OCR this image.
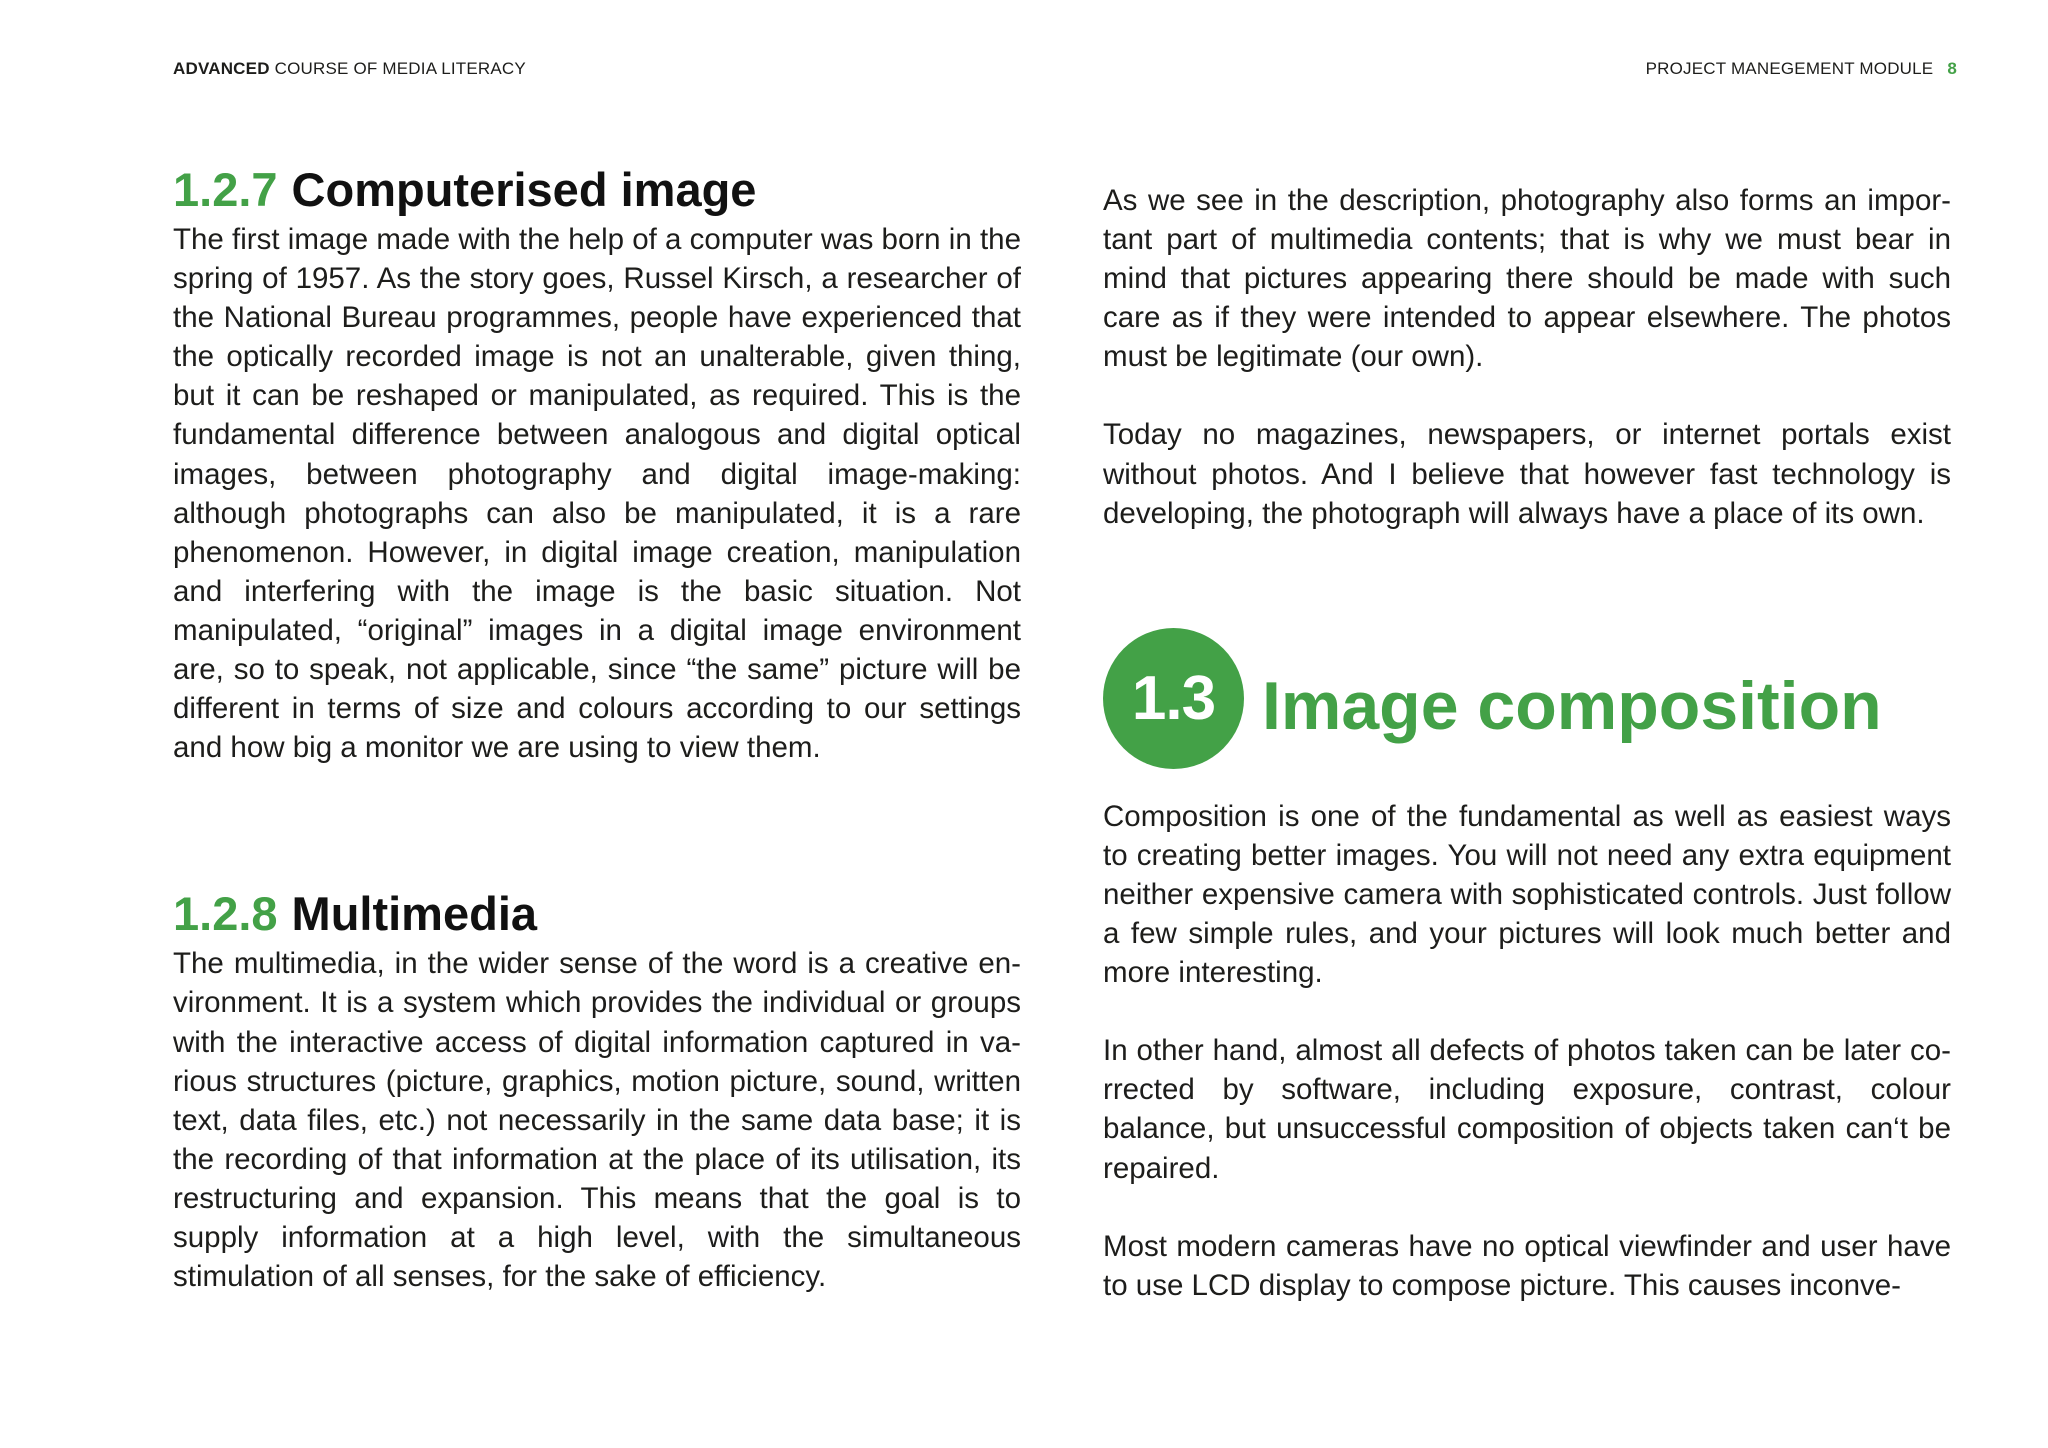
ADVANCED COURSE OF MEDIA LITERACY	PROJECT MANEGEMENT MODULE 8
1.2.7 Computerised image

The first image made with the help of a computer was born in the spring of 1957. As the story goes, Russel Kirsch, a researcher of the National Bureau programmes, people have experienced that the optically recorded image is not an unalterable, given thing, but it can be reshaped or manipulated, as required. This is the fundamental difference between analogous and digital optical images, between photography and digital image-making: although photographs can also be manipulated, it is a rare phenomenon. However, in digital image creation, manipulation and interfering with the image is the basic situation. Not manipulated, “original” images in a digital image environment are, so to speak, not applicable, since “the same” picture will be different in terms of size and colours according to our settings and how big a monitor we are using to view them.

1.2.8 Multimedia

The multimedia, in the wider sense of the word is a creative environment. It is a system which provides the individual or groups with the interactive access of digital information captured in various structures (picture, graphics, motion picture, sound, written text, data files, etc.) not necessarily in the same data base; it is the recording of that information at the place of its utilisation, its restructuring and expansion. This means that the goal is to supply information at a high level, with the simultaneous stimulation of all senses, for the sake of efficiency.

As we see in the description, photography also forms an important part of multimedia contents; that is why we must bear in mind that pictures appearing there should be made with such care as if they were intended to appear elsewhere. The photos must be legitimate (our own).

Today no magazines, newspapers, or internet portals exist without photos. And I believe that however fast technology is developing, the photograph will always have a place of its own.

1.3 Image composition

Composition is one of the fundamental as well as easiest ways to creating better images. You will not need any extra equipment neither expensive camera with sophisticated controls. Just follow a few simple rules, and your pictures will look much better and more interesting.

In other hand, almost all defects of photos taken can be later corrected by software, including exposure, contrast, colour balance, but unsuccessful composition of objects taken can‘t be repaired.

Most modern cameras have no optical viewfinder and user have to use LCD display to compose picture. This causes inconve-
